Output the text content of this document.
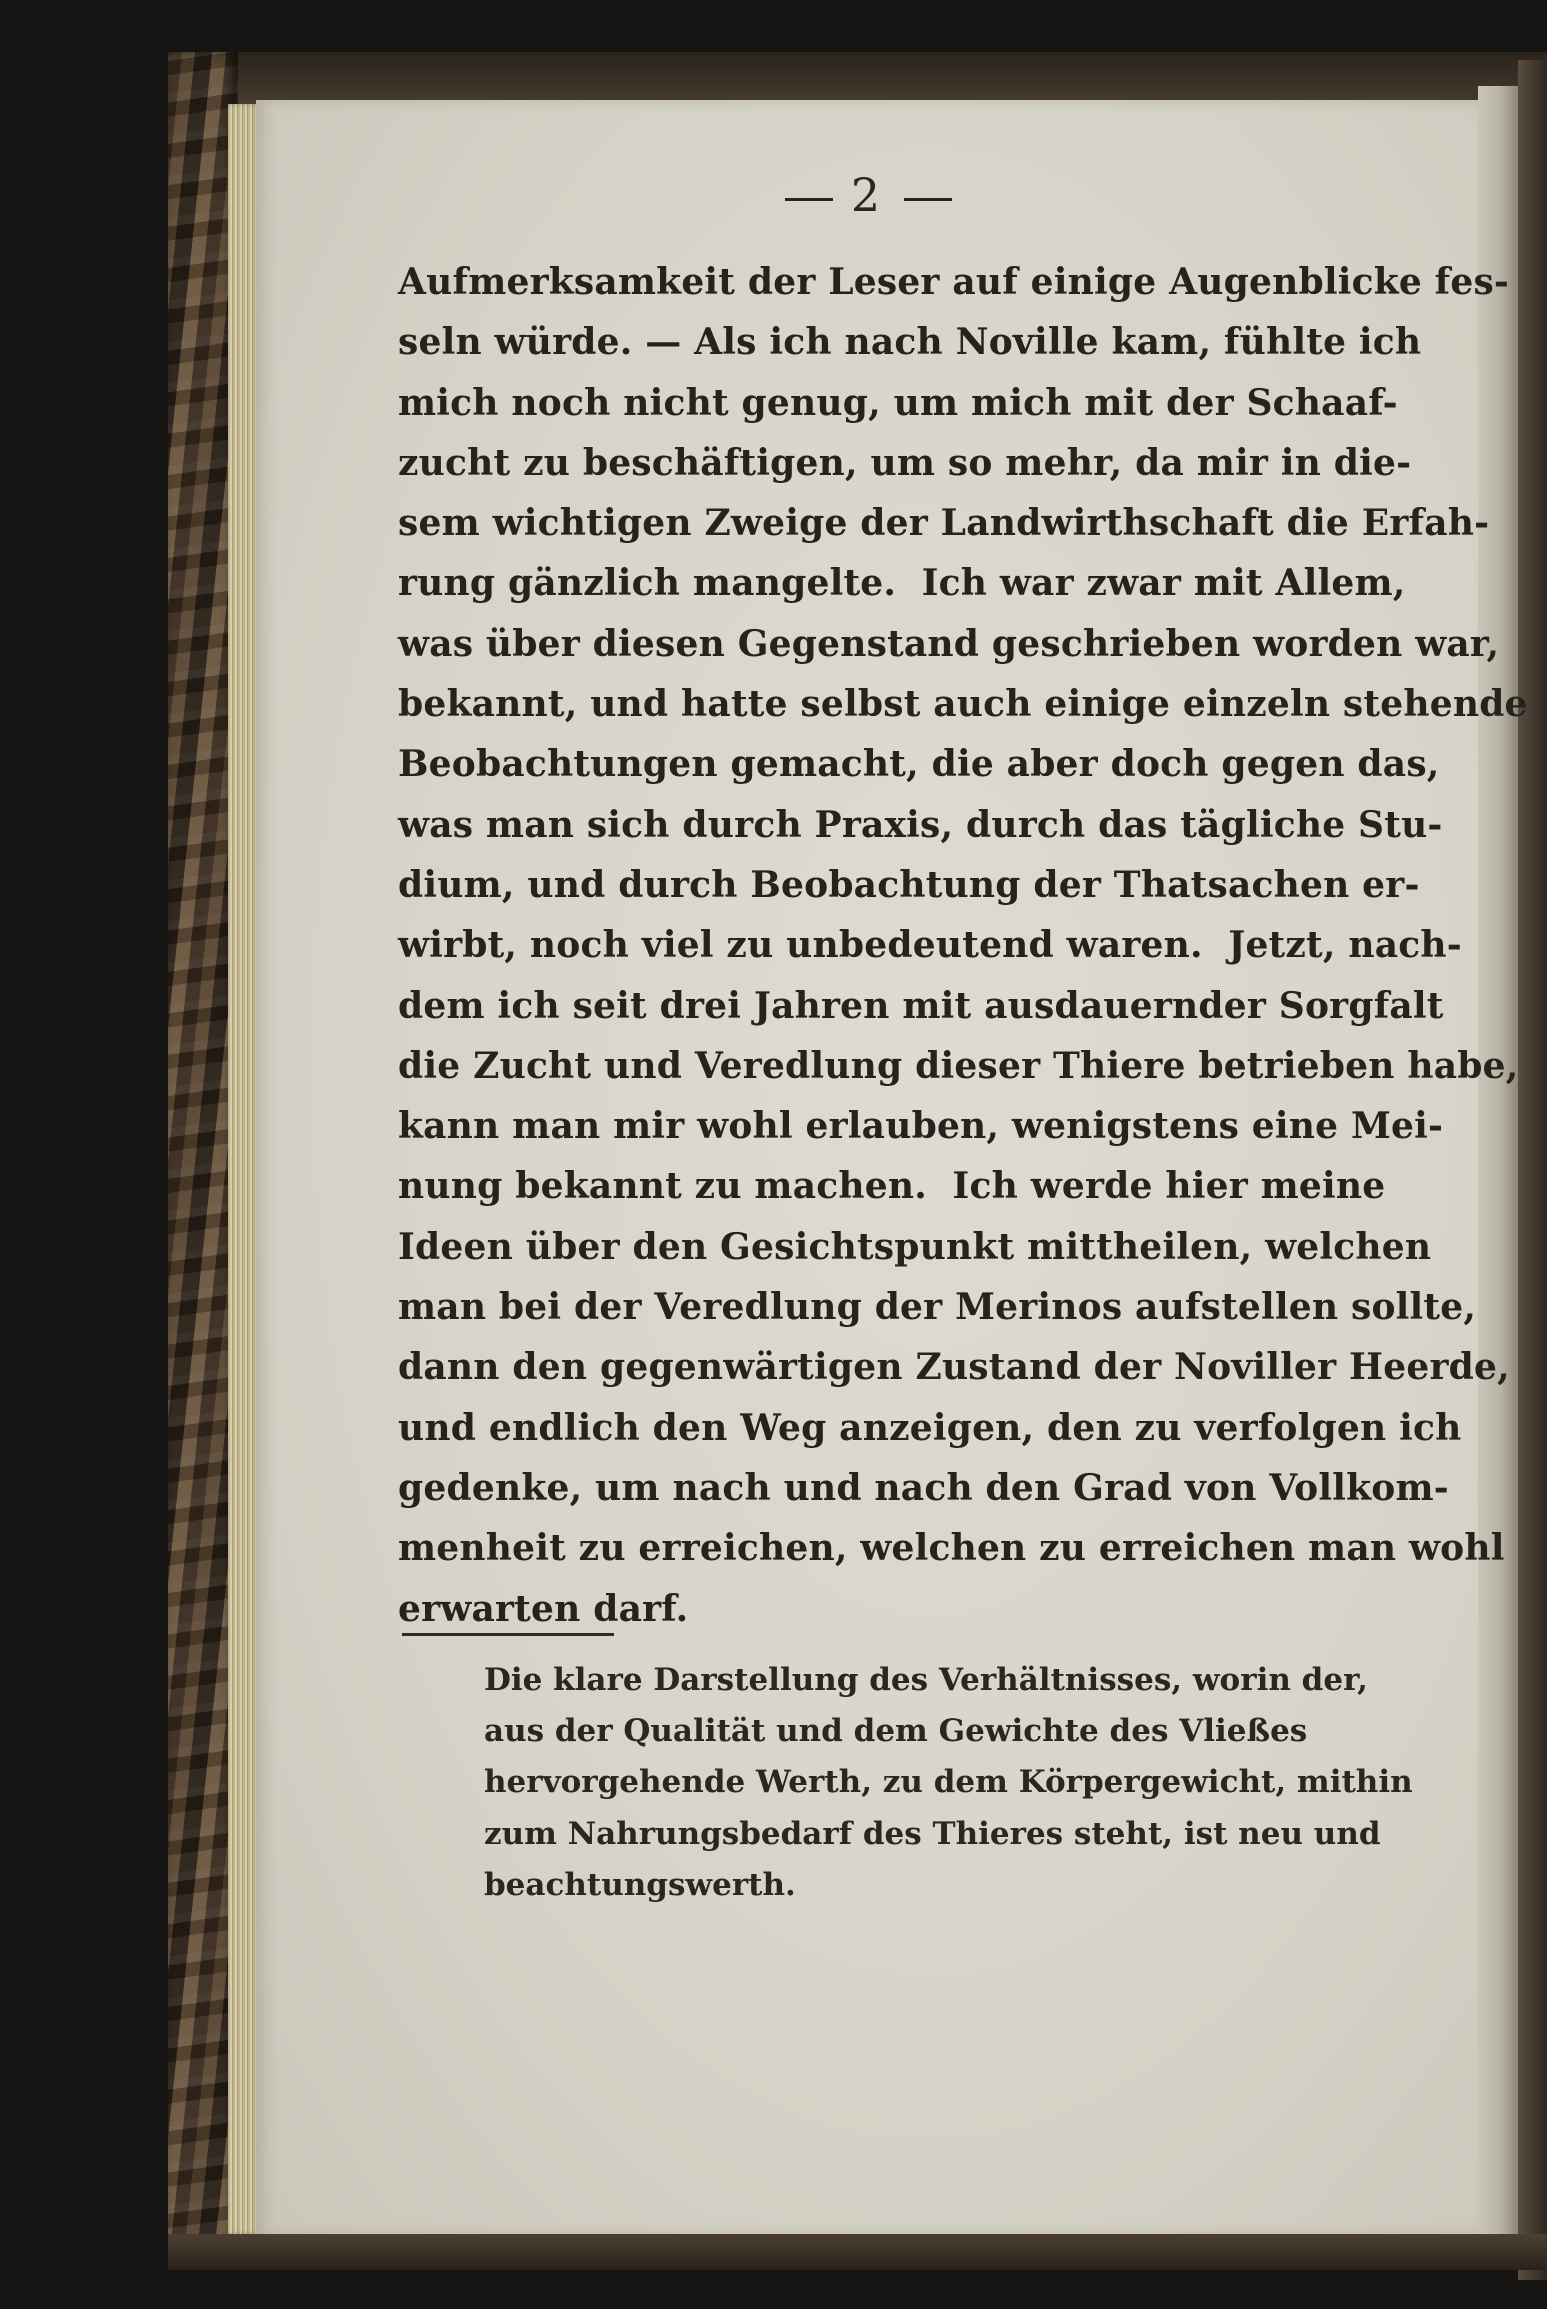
2
Aufmerksamkeit der Leser auf einige Augenblicke fes-
seln würde. — Als ich nach Noville kam, fühlte ich
mich noch nicht genug, um mich mit der Schaaf-
zucht zu beschäftigen, um so mehr, da mir in die-
sem wichtigen Zweige der Landwirthschaft die Erfah-
rung gänzlich mangelte.  Ich war zwar mit Allem,
was über diesen Gegenstand geschrieben worden war,
bekannt, und hatte selbst auch einige einzeln stehende
Beobachtungen gemacht, die aber doch gegen das,
was man sich durch Praxis, durch das tägliche Stu-
dium, und durch Beobachtung der Thatsachen er-
wirbt, noch viel zu unbedeutend waren.  Jetzt, nach-
dem ich seit drei Jahren mit ausdauernder Sorgfalt
die Zucht und Veredlung dieser Thiere betrieben habe,
kann man mir wohl erlauben, wenigstens eine Mei-
nung bekannt zu machen.  Ich werde hier meine
Ideen über den Gesichtspunkt mittheilen, welchen
man bei der Veredlung der Merinos aufstellen sollte,
dann den gegenwärtigen Zustand der Noviller Heerde,
und endlich den Weg anzeigen, den zu verfolgen ich
gedenke, um nach und nach den Grad von Vollkom-
menheit zu erreichen, welchen zu erreichen man wohl
erwarten darf.
Die klare Darstellung des Verhältnisses, worin der,
aus der Qualität und dem Gewichte des Vließes
hervorgehende Werth, zu dem Körpergewicht, mithin
zum Nahrungsbedarf des Thieres steht, ist neu und
beachtungswerth.
